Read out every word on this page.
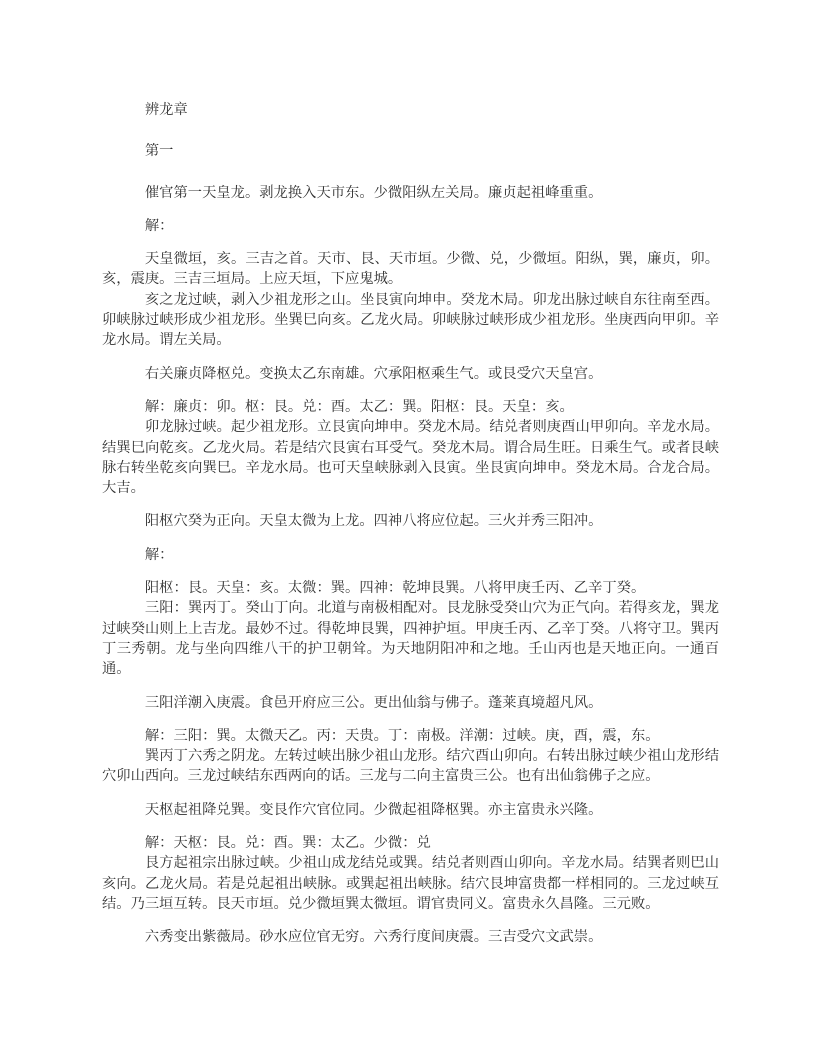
辨龙章
第一
催官第一天皇龙。剥龙换入天市东。少微阳纵左关局。廉贞起祖峰重重。
解：
天皇微垣，亥。三吉之首。天市、艮、天市垣。少微、兑，少微垣。阳纵，巽，廉贞，卯。亥，震庚。三吉三垣局。上应天垣，下应鬼城。
亥之龙过峡，剥入少祖龙形之山。坐艮寅向坤申。癸龙木局。卯龙出脉过峡自东往南至西。卯峡脉过峡形成少祖龙形。坐巽巳向亥。乙龙火局。卯峡脉过峡形成少祖龙形。坐庚西向甲卯。辛龙水局。谓左关局。
右关廉贞降枢兑。变换太乙东南雄。穴承阳枢乘生气。或艮受穴天皇宫。
解：廉贞：卯。枢：艮。兑：酉。太乙：巽。阳枢：艮。天皇：亥。
卯龙脉过峡。起少祖龙形。立艮寅向坤申。癸龙木局。结兑者则庚酉山甲卯向。辛龙水局。结巽巳向乾亥。乙龙火局。若是结穴艮寅右耳受气。癸龙木局。谓合局生旺。日乘生气。或者艮峡脉右转坐乾亥向巽巳。辛龙水局。也可天皇峡脉剥入艮寅。坐艮寅向坤申。癸龙木局。合龙合局。大吉。
阳枢穴癸为正向。天皇太微为上龙。四神八将应位起。三火并秀三阳冲。
解：
阳枢：艮。天皇：亥。太微：巽。四神：乾坤艮巽。八将甲庚壬丙、乙辛丁癸。
三阳：巽丙丁。癸山丁向。北道与南极相配对。艮龙脉受癸山穴为正气向。若得亥龙，巽龙过峡癸山则上上吉龙。最妙不过。得乾坤艮巽，四神护垣。甲庚壬丙、乙辛丁癸。八将守卫。巽丙丁三秀朝。龙与坐向四维八干的护卫朝耸。为天地阴阳冲和之地。壬山丙也是天地正向。一通百通。
三阳洋潮入庚震。食邑开府应三公。更出仙翁与佛子。蓬莱真境超凡风。
解：三阳：巽。太微天乙。丙：天贵。丁：南极。洋潮：过峡。庚，酉，震，东。
巽丙丁六秀之阴龙。左转过峡出脉少祖山龙形。结穴酉山卯向。右转出脉过峡少祖山龙形结穴卯山西向。三龙过峡结东西两向的话。三龙与二向主富贵三公。也有出仙翁佛子之应。
天枢起祖降兑巽。变艮作穴官位同。少微起祖降枢巽。亦主富贵永兴隆。
解：天枢：艮。兑：酉。巽：太乙。少微：兑
艮方起祖宗出脉过峡。少祖山成龙结兑或巽。结兑者则酉山卯向。辛龙水局。结巽者则巴山亥向。乙龙火局。若是兑起祖出峡脉。或巽起祖出峡脉。结穴艮坤富贵都一样相同的。三龙过峡互结。乃三垣互转。艮天市垣。兑少微垣巽太微垣。谓官贵同义。富贵永久昌隆。三元败。
六秀变出紫薇局。砂水应位官无穷。六秀行度间庚震。三吉受穴文武崇。
